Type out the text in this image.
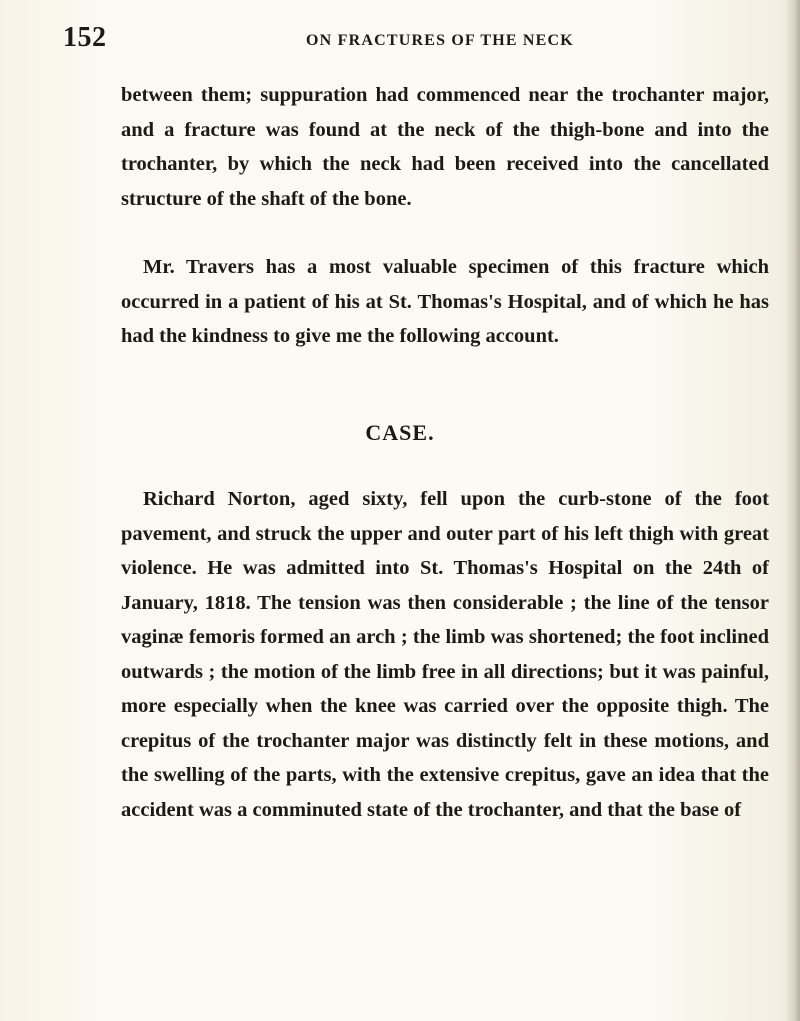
152	ON FRACTURES OF THE NECK

between them; suppuration had commenced near the trochanter major, and a fracture was found at the neck of the thigh-bone and into the trochanter, by which the neck had been received into the cancellated structure of the shaft of the bone.

Mr. Travers has a most valuable specimen of this fracture which occurred in a patient of his at St. Thomas's Hospital, and of which he has had the kindness to give me the following account.

CASE.

Richard Norton, aged sixty, fell upon the curb-stone of the foot pavement, and struck the upper and outer part of his left thigh with great violence. He was admitted into St. Thomas's Hospital on the 24th of January, 1818. The tension was then considerable ; the line of the tensor vaginæ femoris formed an arch ; the limb was shortened; the foot inclined outwards ; the motion of the limb free in all directions; but it was painful, more especially when the knee was carried over the opposite thigh. The crepitus of the trochanter major was distinctly felt in these motions, and the swelling of the parts, with the extensive crepitus, gave an idea that the accident was a comminuted state of the trochanter, and that the base of
